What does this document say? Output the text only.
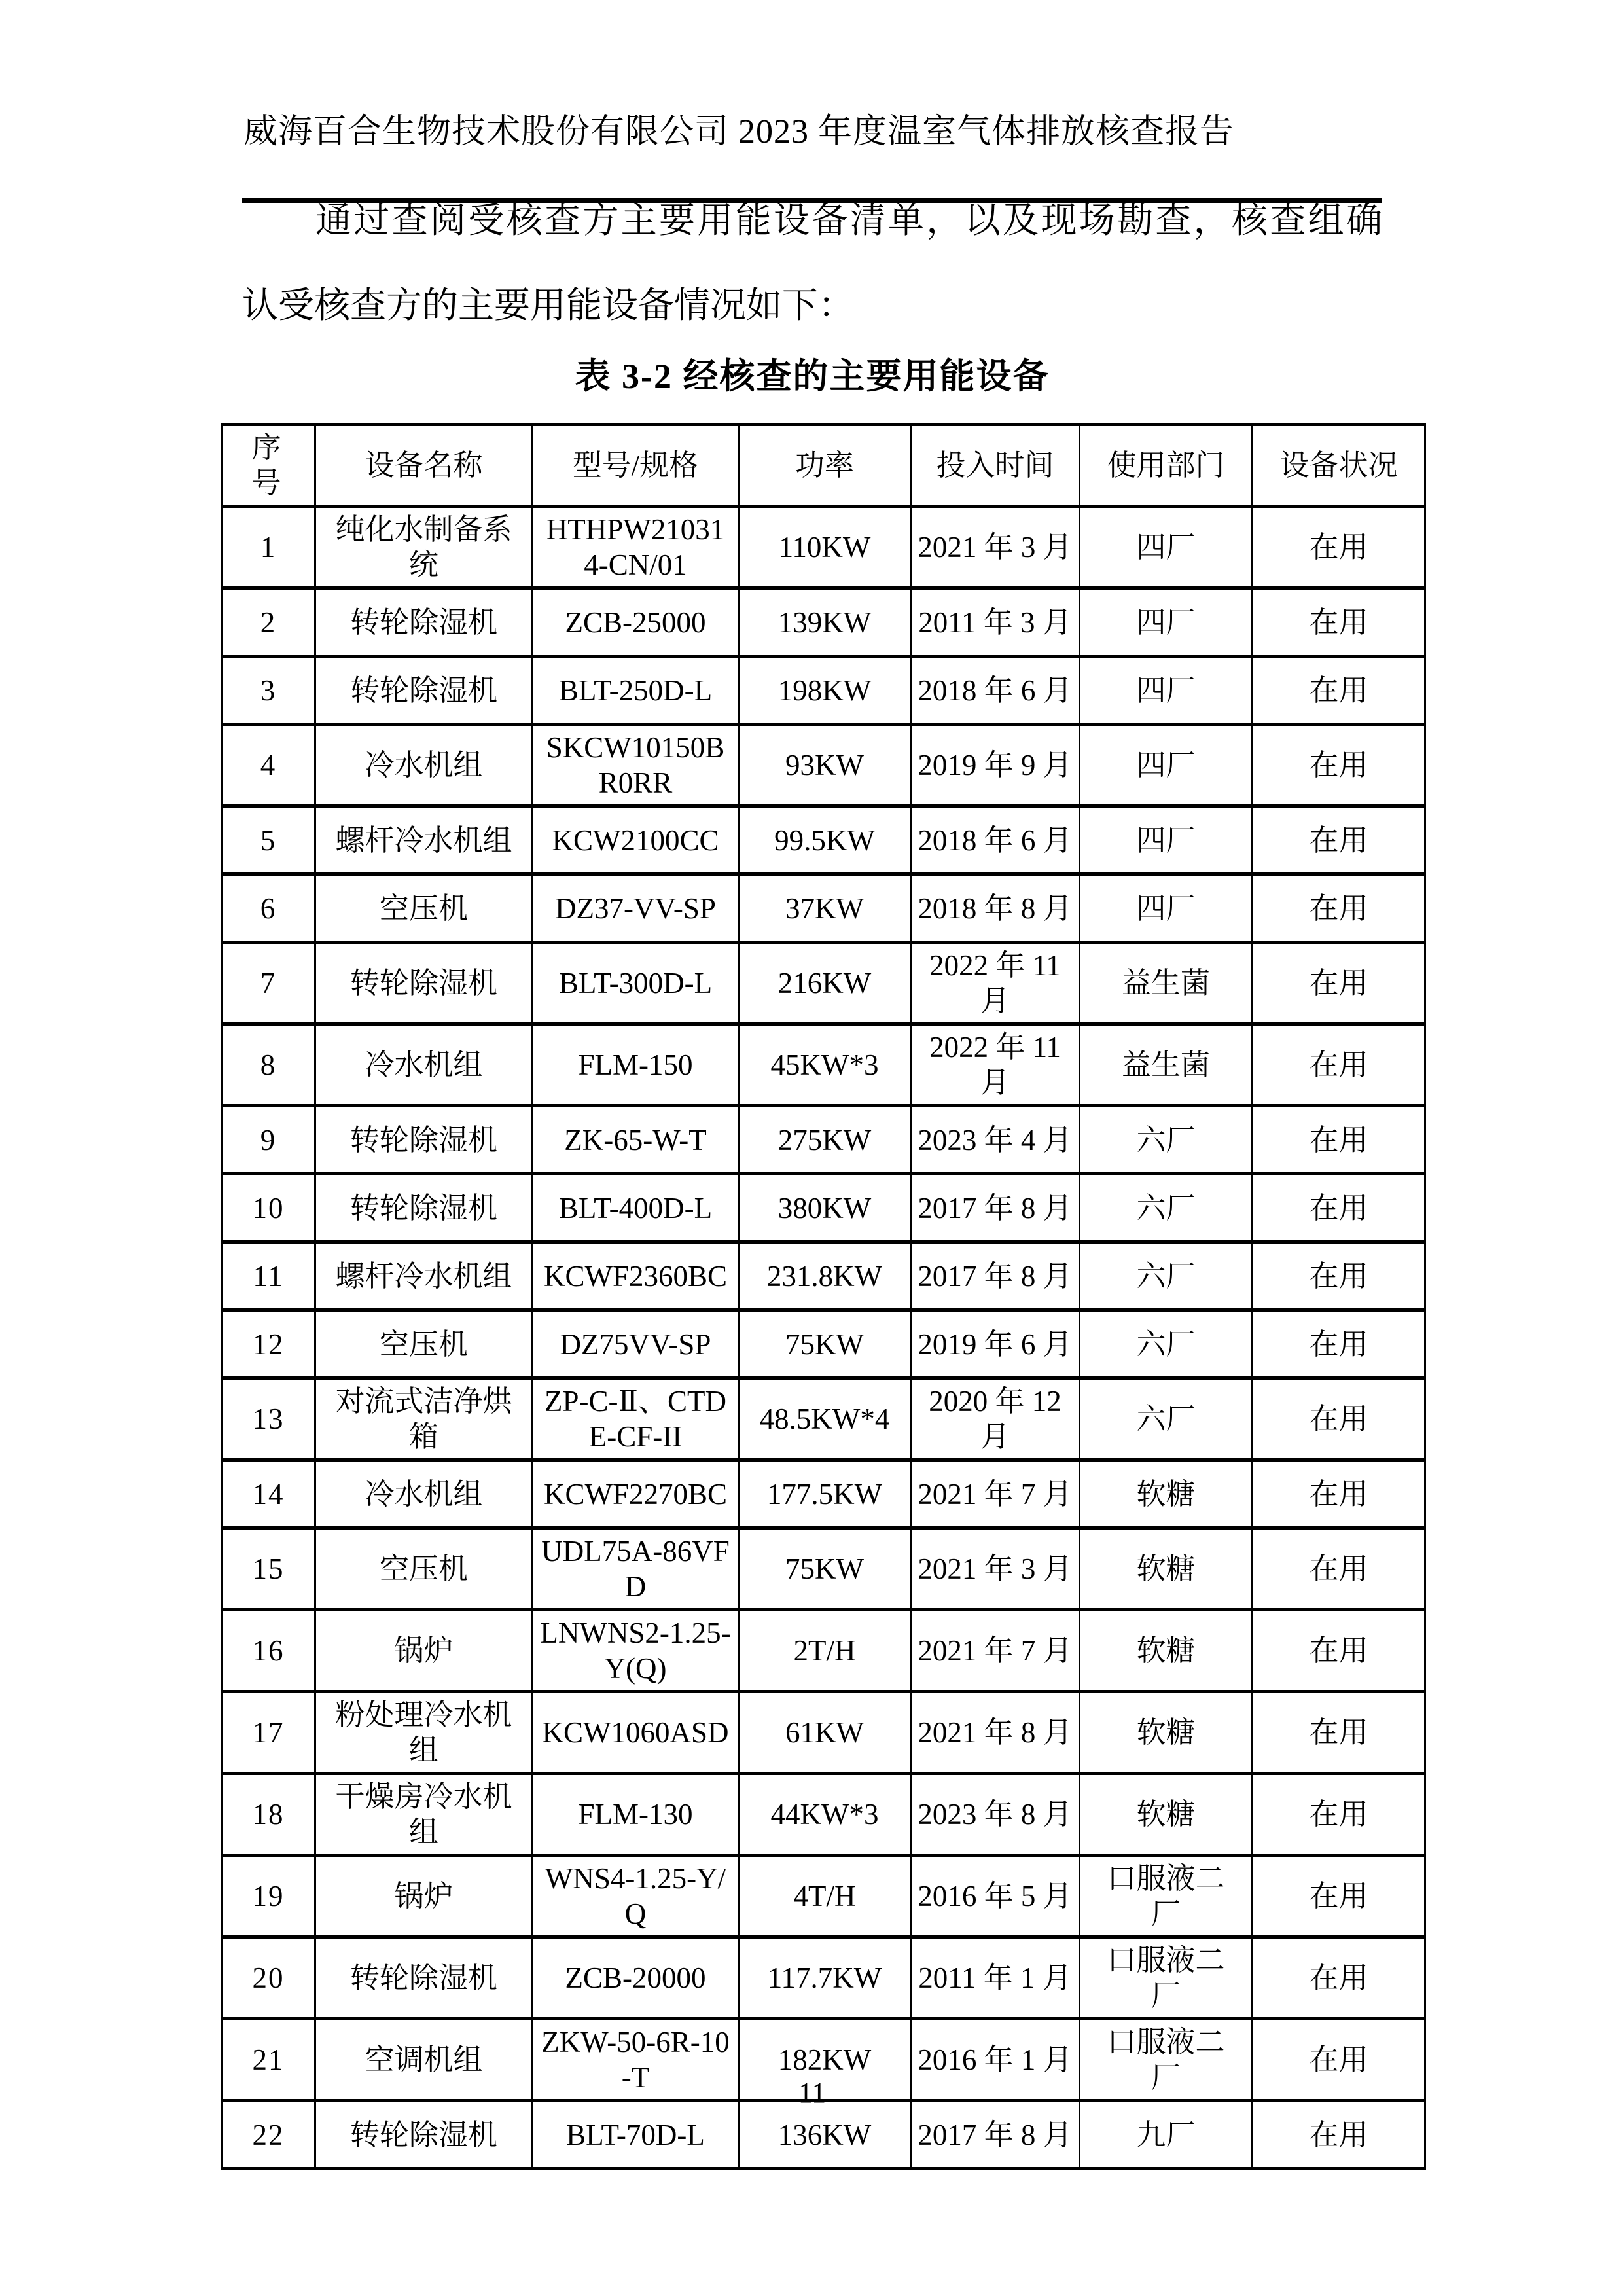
威海百合生物技术股份有限公司 2023 年度温室气体排放核查报告
通过查阅受核查方主要用能设备清单，以及现场勘查，核查组确
认受核查方的主要用能设备情况如下：
表 3-2 经核查的主要用能设备
序 号	设备名称	型号/规格	功率	投入时间	使用部门	设备状况
1	纯化水制备系统	HTHPW210314-CN/01	110KW	2021 年 3 月	四厂	在用
2	转轮除湿机	ZCB-25000	139KW	2011 年 3 月	四厂	在用
3	转轮除湿机	BLT-250D-L	198KW	2018 年 6 月	四厂	在用
4	冷水机组	SKCW10150BR0RR	93KW	2019 年 9 月	四厂	在用
5	螺杆冷水机组	KCW2100CC	99.5KW	2018 年 6 月	四厂	在用
6	空压机	DZ37-VV-SP	37KW	2018 年 8 月	四厂	在用
7	转轮除湿机	BLT-300D-L	216KW	2022 年 11 月	益生菌	在用
8	冷水机组	FLM-150	45KW*3	2022 年 11 月	益生菌	在用
9	转轮除湿机	ZK-65-W-T	275KW	2023 年 4 月	六厂	在用
10	转轮除湿机	BLT-400D-L	380KW	2017 年 8 月	六厂	在用
11	螺杆冷水机组	KCWF2360BC	231.8KW	2017 年 8 月	六厂	在用
12	空压机	DZ75VV-SP	75KW	2019 年 6 月	六厂	在用
13	对流式洁净烘箱	ZP-C-Ⅱ、CTDE-CF-II	48.5KW*4	2020 年 12 月	六厂	在用
14	冷水机组	KCWF2270BC	177.5KW	2021 年 7 月	软糖	在用
15	空压机	UDL75A-86VFD	75KW	2021 年 3 月	软糖	在用
16	锅炉	LNWNS2-1.25-Y(Q)	2T/H	2021 年 7 月	软糖	在用
17	粉处理冷水机组	KCW1060ASD	61KW	2021 年 8 月	软糖	在用
18	干燥房冷水机组	FLM-130	44KW*3	2023 年 8 月	软糖	在用
19	锅炉	WNS4-1.25-Y/Q	4T/H	2016 年 5 月	口服液二厂	在用
20	转轮除湿机	ZCB-20000	117.7KW	2011 年 1 月	口服液二厂	在用
21	空调机组	ZKW-50-6R-10-T	182KW	2016 年 1 月	口服液二厂	在用
22	转轮除湿机	BLT-70D-L	136KW	2017 年 8 月	九厂	在用
11
